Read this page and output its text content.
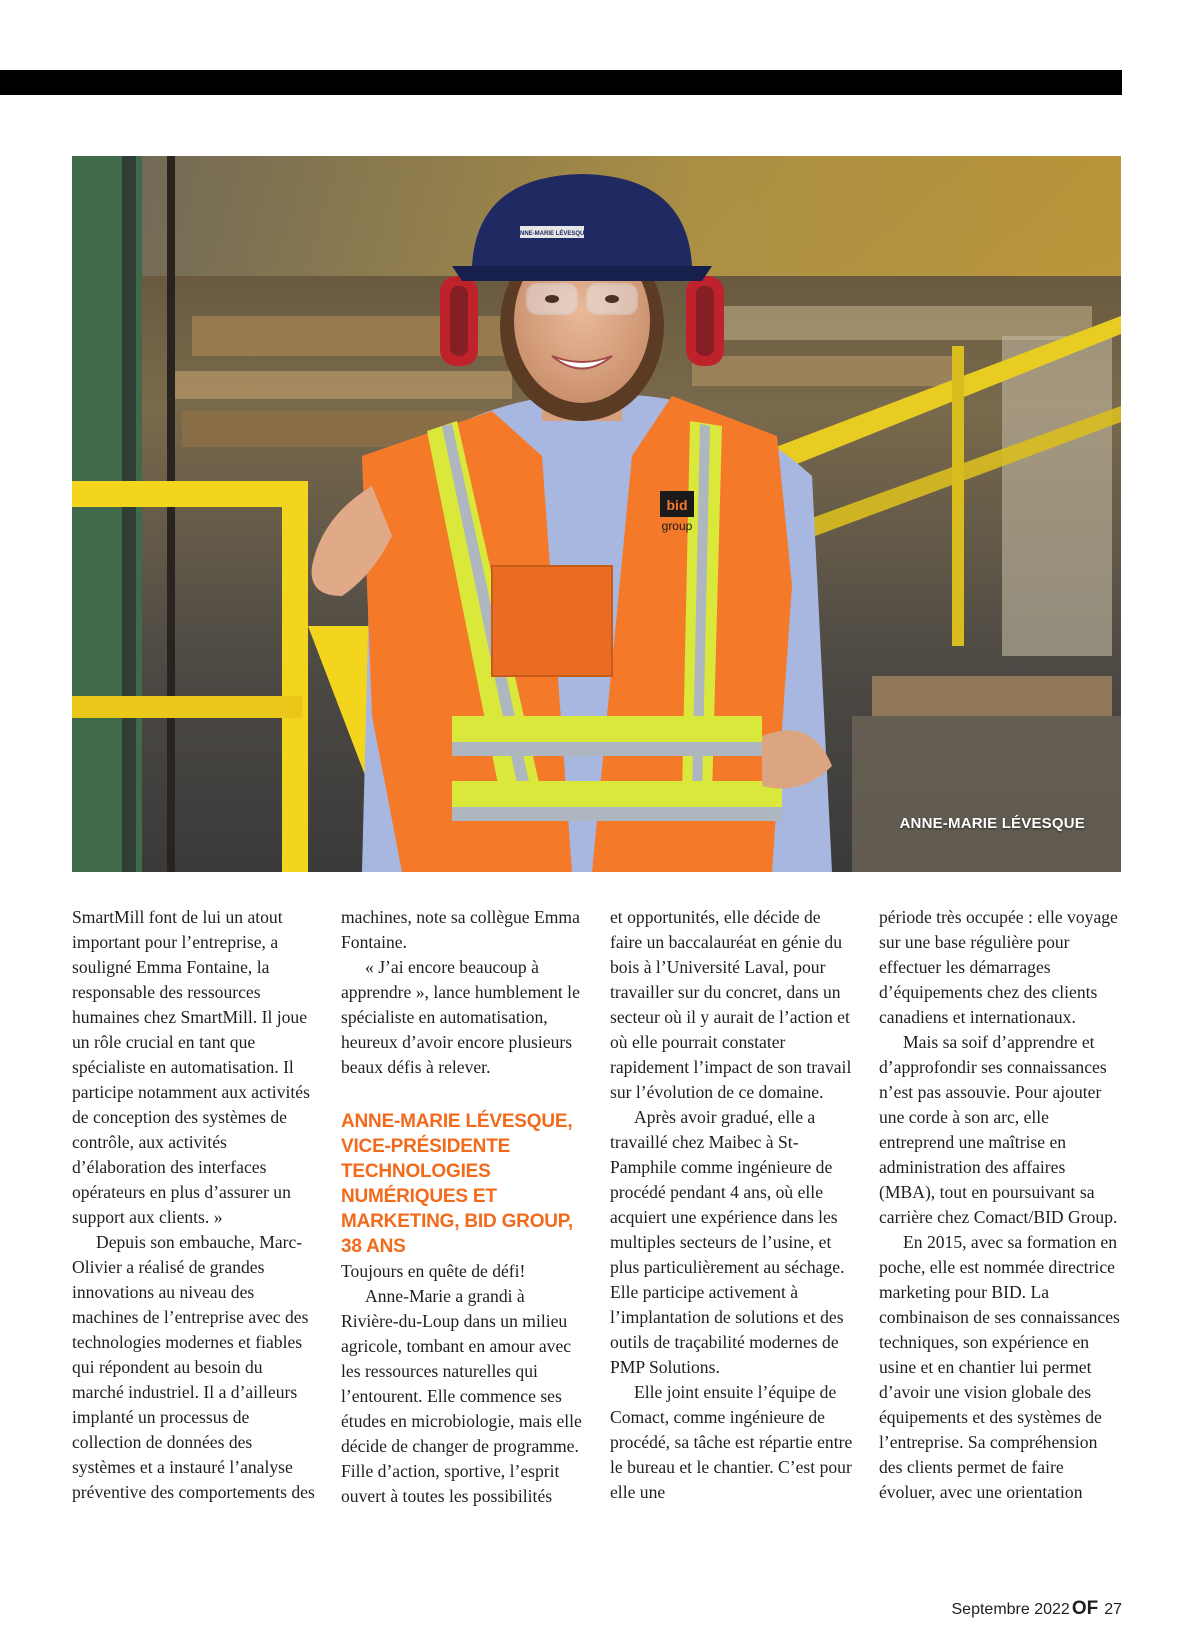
bid
group
ANNE-MARIE LÉVESQUE
ANNE-MARIE LÉVESQUE

SmartMill font de lui un atout important pour l’entreprise, a souligné Emma Fontaine, la responsable des ressources humaines chez SmartMill. Il joue un rôle crucial en tant que spécialiste en automatisation. Il participe notamment aux activités de conception des systèmes de contrôle, aux activités d’élaboration des interfaces opérateurs en plus d’assurer un support aux clients. »

Depuis son embauche, Marc-Olivier a réalisé de grandes innovations au niveau des machines de l’entreprise avec des technologies modernes et fiables qui répondent au besoin du marché industriel. Il a d’ailleurs implanté un processus de collection de données des systèmes et a instauré l’analyse préventive des comportements des

machines, note sa collègue Emma Fontaine.

« J’ai encore beaucoup à apprendre », lance humblement le spécialiste en automatisation, heureux d’avoir encore plusieurs beaux défis à relever.

ANNE-MARIE LÉVESQUE, VICE-PRÉSIDENTE TECHNOLOGIES NUMÉRIQUES ET MARKETING, BID GROUP, 38 ANS

Toujours en quête de défi!

Anne-Marie a grandi à Rivière-du-Loup dans un milieu agricole, tombant en amour avec les ressources naturelles qui l’entourent. Elle commence ses études en microbiologie, mais elle décide de changer de programme. Fille d’action, sportive, l’esprit ouvert à toutes les possibilités

et opportunités, elle décide de faire un baccalauréat en génie du bois à l’Université Laval, pour travailler sur du concret, dans un secteur où il y aurait de l’action et où elle pourrait constater rapidement l’impact de son travail sur l’évolution de ce domaine.

Après avoir gradué, elle a travaillé chez Maibec à St-Pamphile comme ingénieure de procédé pendant 4 ans, où elle acquiert une expérience dans les multiples secteurs de l’usine, et plus particulièrement au séchage. Elle participe activement à l’implantation de solutions et des outils de traçabilité modernes de PMP Solutions.

Elle joint ensuite l’équipe de Comact, comme ingénieure de procédé, sa tâche est répartie entre le bureau et le chantier. C’est pour elle une

période très occupée : elle voyage sur une base régulière pour effectuer les démarrages d’équipements chez des clients canadiens et internationaux.

Mais sa soif d’apprendre et d’approfondir ses connaissances n’est pas assouvie. Pour ajouter une corde à son arc, elle entreprend une maîtrise en administration des affaires (MBA), tout en poursuivant sa carrière chez Comact/BID Group.

En 2015, avec sa formation en poche, elle est nommée directrice marketing pour BID. La combinaison de ses connaissances techniques, son expérience en usine et en chantier lui permet d’avoir une vision globale des équipements et des systèmes de l’entreprise. Sa compréhension des clients permet de faire évoluer, avec une orientation

Septembre 2022 OF 27
